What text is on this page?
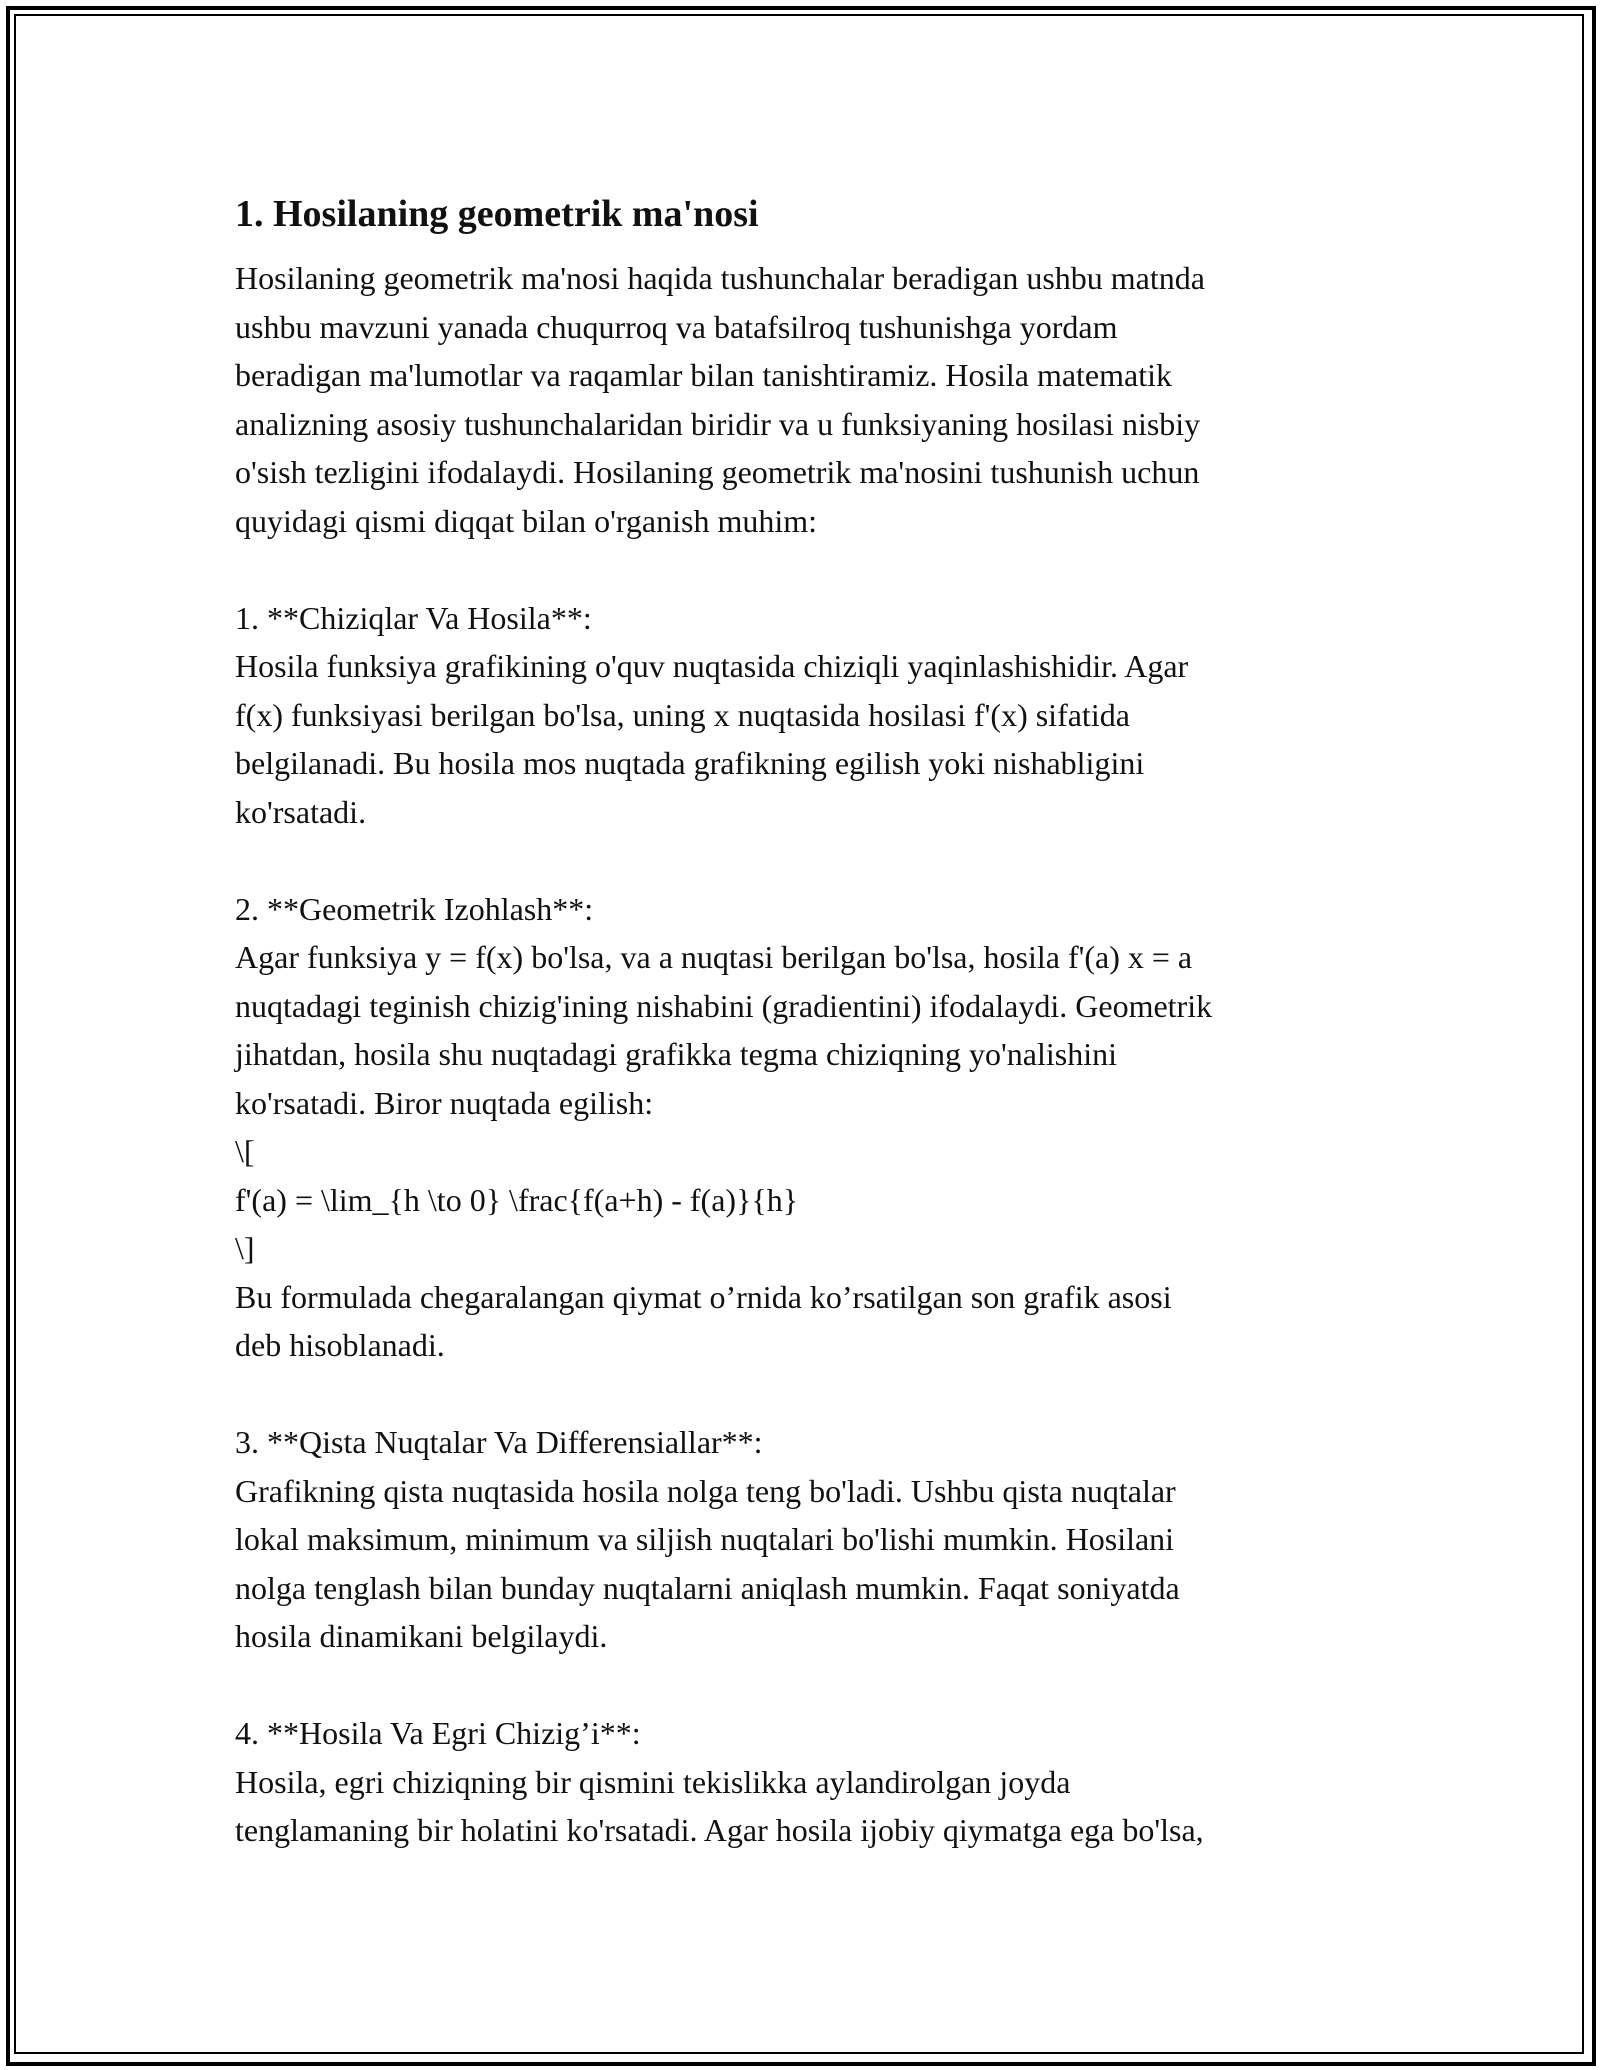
1. Hosilaning geometrik ma'nosi

Hosilaning geometrik ma'nosi haqida tushunchalar beradigan ushbu matnda
ushbu mavzuni yanada chuqurroq va batafsilroq tushunishga yordam
beradigan ma'lumotlar va raqamlar bilan tanishtiramiz. Hosila matematik
analizning asosiy tushunchalaridan biridir va u funksiyaning hosilasi nisbiy
o'sish tezligini ifodalaydi. Hosilaning geometrik ma'nosini tushunish uchun
quyidagi qismi diqqat bilan o'rganish muhim:

1. **Chiziqlar Va Hosila**:
Hosila funksiya grafikining o'quv nuqtasida chiziqli yaqinlashishidir. Agar
f(x) funksiyasi berilgan bo'lsa, uning x nuqtasida hosilasi f'(x) sifatida
belgilanadi. Bu hosila mos nuqtada grafikning egilish yoki nishabligini
ko'rsatadi.

2. **Geometrik Izohlash**:
Agar funksiya y = f(x) bo'lsa, va a nuqtasi berilgan bo'lsa, hosila f'(a) x = a
nuqtadagi teginish chizig'ining nishabini (gradientini) ifodalaydi. Geometrik
jihatdan, hosila shu nuqtadagi grafikka tegma chiziqning yo'nalishini
ko'rsatadi. Biror nuqtada egilish:
\[
f'(a) = \lim_{h \to 0} \frac{f(a+h) - f(a)}{h}
\]
Bu formulada chegaralangan qiymat o’rnida ko’rsatilgan son grafik asosi
deb hisoblanadi.

3. **Qista Nuqtalar Va Differensiallar**:
Grafikning qista nuqtasida hosila nolga teng bo'ladi. Ushbu qista nuqtalar
lokal maksimum, minimum va siljish nuqtalari bo'lishi mumkin. Hosilani
nolga tenglash bilan bunday nuqtalarni aniqlash mumkin. Faqat soniyatda
hosila dinamikani belgilaydi.

4. **Hosila Va Egri Chizig’i**:
Hosila, egri chiziqning bir qismini tekislikka aylandirolgan joyda
tenglamaning bir holatini ko'rsatadi. Agar hosila ijobiy qiymatga ega bo'lsa,
